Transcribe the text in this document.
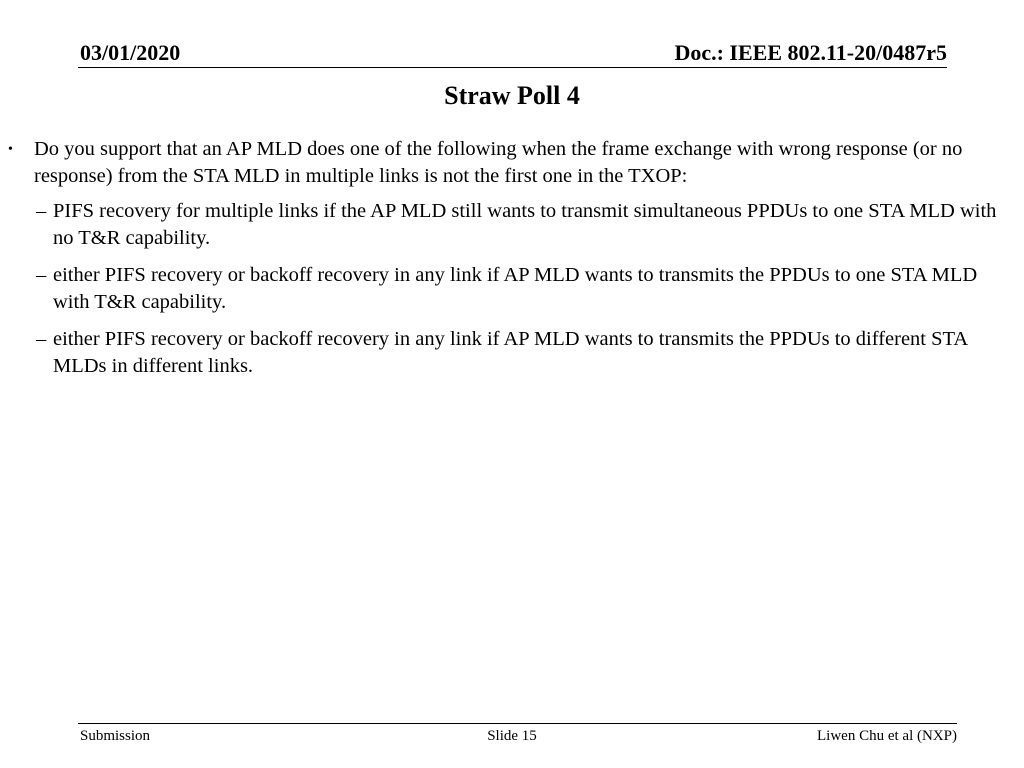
03/01/2020	Doc.: IEEE 802.11-20/0487r5
Straw Poll 4
• Do you support that an AP MLD does one of the following when the frame exchange with wrong response (or no response) from the STA MLD in multiple links is not the first one in the TXOP:
– PIFS recovery for multiple links if the AP MLD still wants to transmit simultaneous PPDUs to one STA MLD with no T&R capability.
– either PIFS recovery or backoff recovery in any link if AP MLD wants to transmits the PPDUs to one STA MLD with T&R capability.
– either PIFS recovery or backoff recovery in any link if AP MLD wants to transmits the PPDUs to different STA MLDs in different links.
Submission	Slide 15	Liwen Chu et al (NXP)
